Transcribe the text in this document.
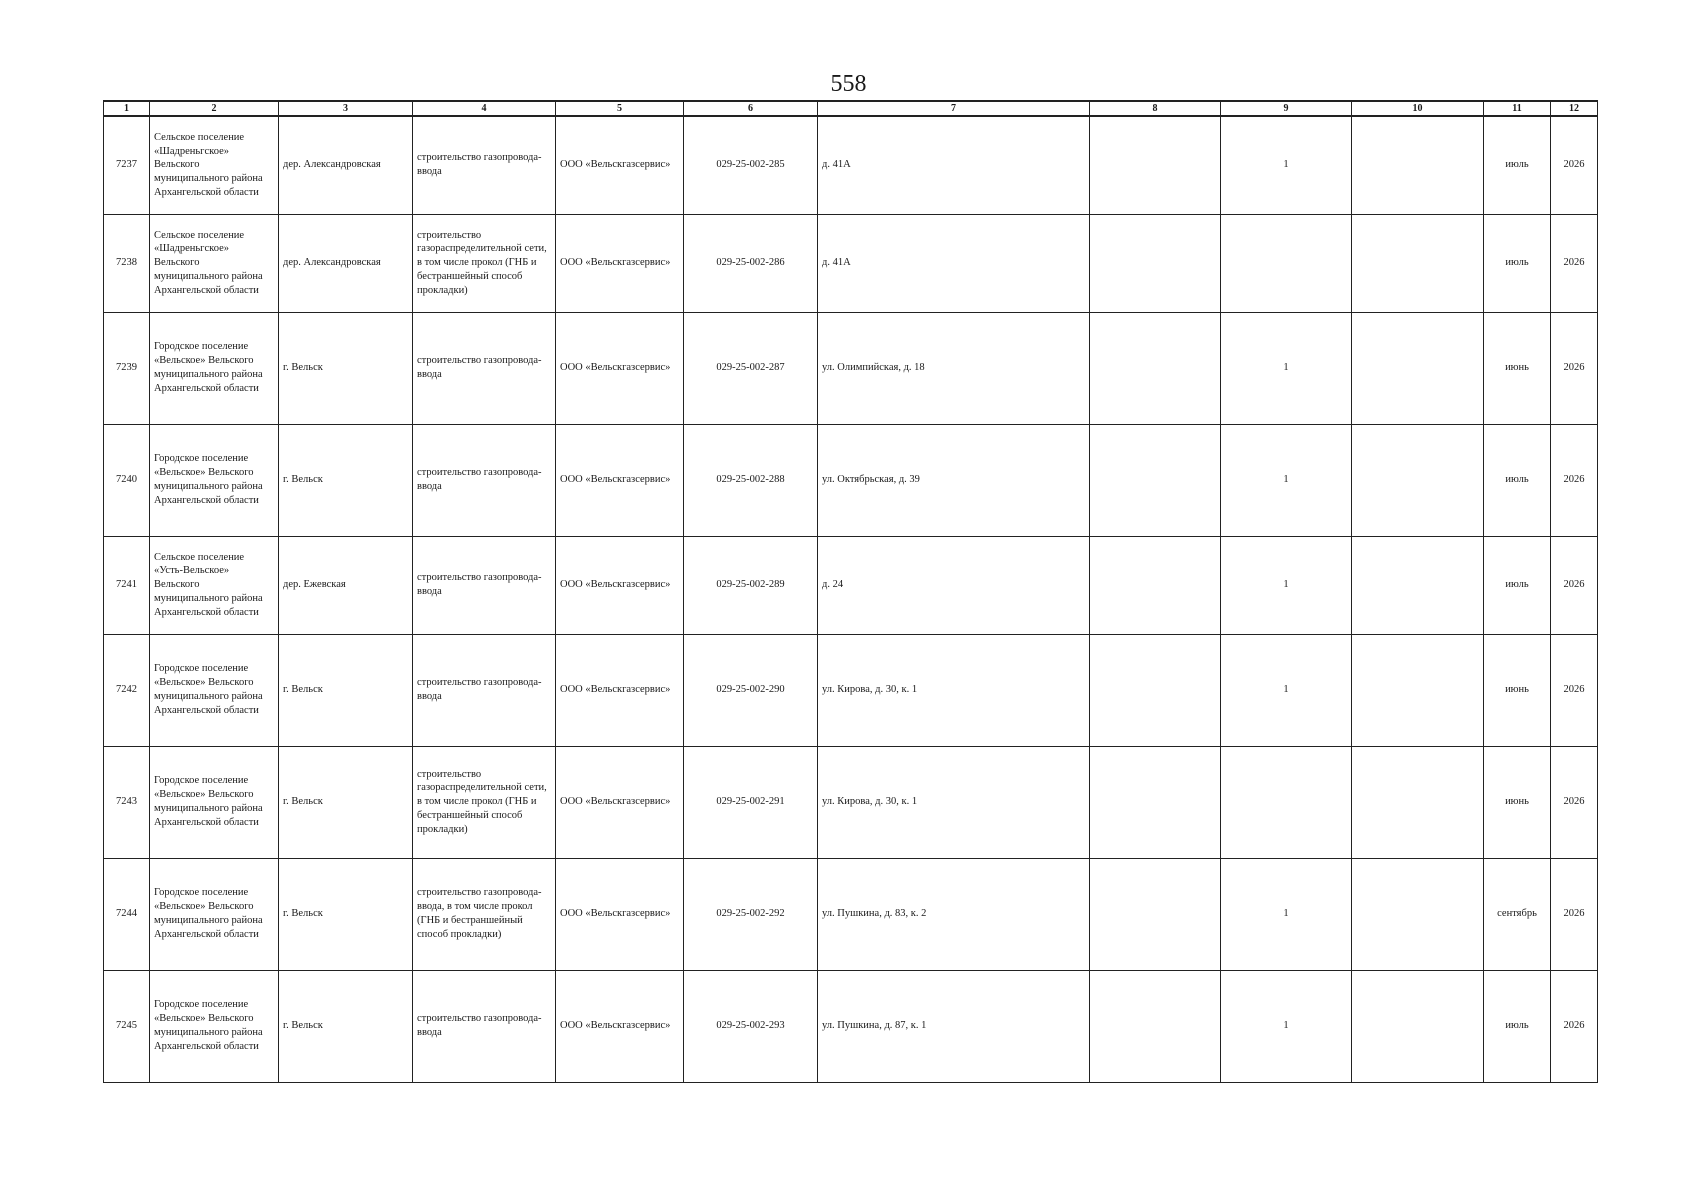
558
1	2	3	4	5	6	7	8	9	10	11	12
7237	Сельское поселение «Шадреньгское» Вельского муниципального района Архангельской области	дер. Александровская	строительство газопровода-ввода	ООО «Вельскгазсервис»	029-25-002-285	д. 41А		1		июль	2026
7238	Сельское поселение «Шадреньгское» Вельского муниципального района Архангельской области	дер. Александровская	строительство газораспределительной сети, в том числе прокол (ГНБ и бестраншейный способ прокладки)	ООО «Вельскгазсервис»	029-25-002-286	д. 41А				июль	2026
7239	Городское поселение «Вельское» Вельского муниципального района Архангельской области	г. Вельск	строительство газопровода-ввода	ООО «Вельскгазсервис»	029-25-002-287	ул. Олимпийская, д. 18		1		июнь	2026
7240	Городское поселение «Вельское» Вельского муниципального района Архангельской области	г. Вельск	строительство газопровода-ввода	ООО «Вельскгазсервис»	029-25-002-288	ул. Октябрьская, д. 39		1		июль	2026
7241	Сельское поселение «Усть-Вельское» Вельского муниципального района Архангельской области	дер. Ежевская	строительство газопровода-ввода	ООО «Вельскгазсервис»	029-25-002-289	д. 24		1		июль	2026
7242	Городское поселение «Вельское» Вельского муниципального района Архангельской области	г. Вельск	строительство газопровода-ввода	ООО «Вельскгазсервис»	029-25-002-290	ул. Кирова, д. 30, к. 1		1		июнь	2026
7243	Городское поселение «Вельское» Вельского муниципального района Архангельской области	г. Вельск	строительство газораспределительной сети, в том числе прокол (ГНБ и бестраншейный способ прокладки)	ООО «Вельскгазсервис»	029-25-002-291	ул. Кирова, д. 30, к. 1				июнь	2026
7244	Городское поселение «Вельское» Вельского муниципального района Архангельской области	г. Вельск	строительство газопровода-ввода, в том числе прокол (ГНБ и бестраншейный способ прокладки)	ООО «Вельскгазсервис»	029-25-002-292	ул. Пушкина, д. 83, к. 2		1		сентябрь	2026
7245	Городское поселение «Вельское» Вельского муниципального района Архангельской области	г. Вельск	строительство газопровода-ввода	ООО «Вельскгазсервис»	029-25-002-293	ул. Пушкина, д. 87, к. 1		1		июль	2026
